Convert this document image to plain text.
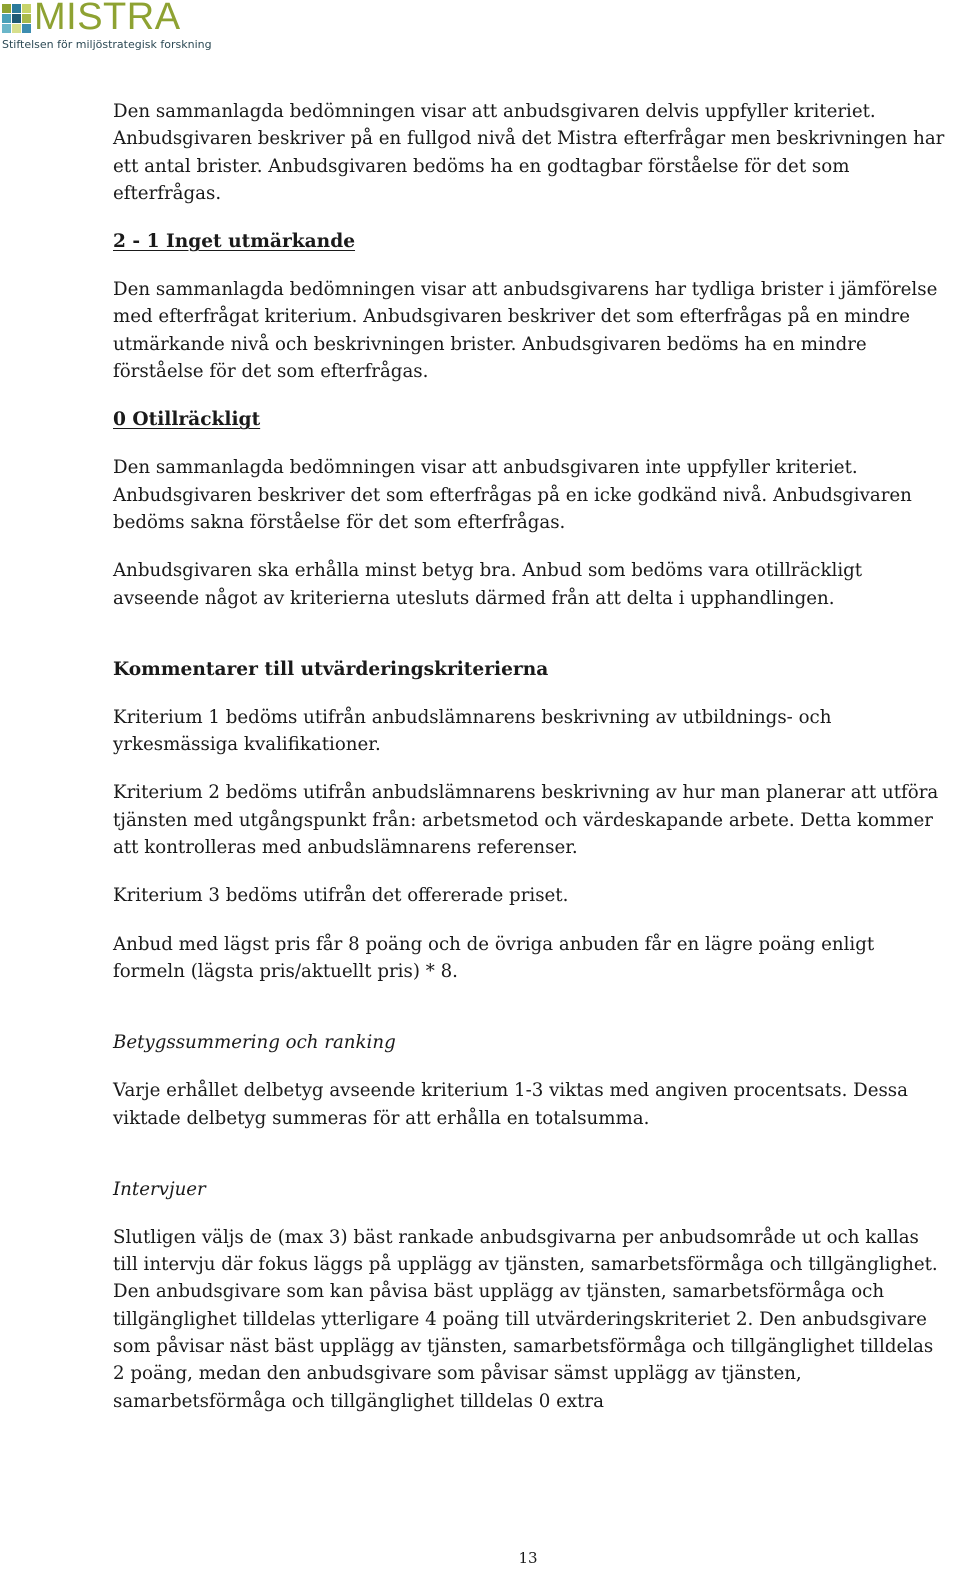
MISTRA
Stiftelsen för miljöstrategisk forskning

Den sammanlagda bedömningen visar att anbudsgivaren delvis uppfyller kriteriet. Anbudsgivaren beskriver på en fullgod nivå det Mistra efterfrågar men beskrivningen har ett antal brister. Anbudsgivaren bedöms ha en godtagbar förståelse för det som efterfrågas.

2 - 1 Inget utmärkande

Den sammanlagda bedömningen visar att anbudsgivarens har tydliga brister i jämförelse med efterfrågat kriterium. Anbudsgivaren beskriver det som efterfrågas på en mindre utmärkande nivå och beskrivningen brister. Anbudsgivaren bedöms ha en mindre förståelse för det som efterfrågas.

0 Otillräckligt

Den sammanlagda bedömningen visar att anbudsgivaren inte uppfyller kriteriet. Anbudsgivaren beskriver det som efterfrågas på en icke godkänd nivå. Anbudsgivaren bedöms sakna förståelse för det som efterfrågas.

Anbudsgivaren ska erhålla minst betyg bra. Anbud som bedöms vara otillräckligt avseende något av kriterierna utesluts därmed från att delta i upphandlingen.

Kommentarer till utvärderingskriterierna

Kriterium 1 bedöms utifrån anbudslämnarens beskrivning av utbildnings- och yrkesmässiga kvalifikationer.

Kriterium 2 bedöms utifrån anbudslämnarens beskrivning av hur man planerar att utföra tjänsten med utgångspunkt från: arbetsmetod och värdeskapande arbete. Detta kommer att kontrolleras med anbudslämnarens referenser.

Kriterium 3 bedöms utifrån det offererade priset.

Anbud med lägst pris får 8 poäng och de övriga anbuden får en lägre poäng enligt formeln (lägsta pris/aktuellt pris) * 8.

Betygssummering och ranking

Varje erhållet delbetyg avseende kriterium 1-3 viktas med angiven procentsats. Dessa viktade delbetyg summeras för att erhålla en totalsumma.

Intervjuer

Slutligen väljs de (max 3) bäst rankade anbudsgivarna per anbudsområde ut och kallas till intervju där fokus läggs på upplägg av tjänsten, samarbetsförmåga och tillgänglighet. Den anbudsgivare som kan påvisa bäst upplägg av tjänsten, samarbetsförmåga och tillgänglighet tilldelas ytterligare 4 poäng till utvärderingskriteriet 2. Den anbudsgivare som påvisar näst bäst upplägg av tjänsten, samarbetsförmåga och tillgänglighet tilldelas 2 poäng, medan den anbudsgivare som påvisar sämst upplägg av tjänsten, samarbetsförmåga och tillgänglighet tilldelas 0 extra

13
